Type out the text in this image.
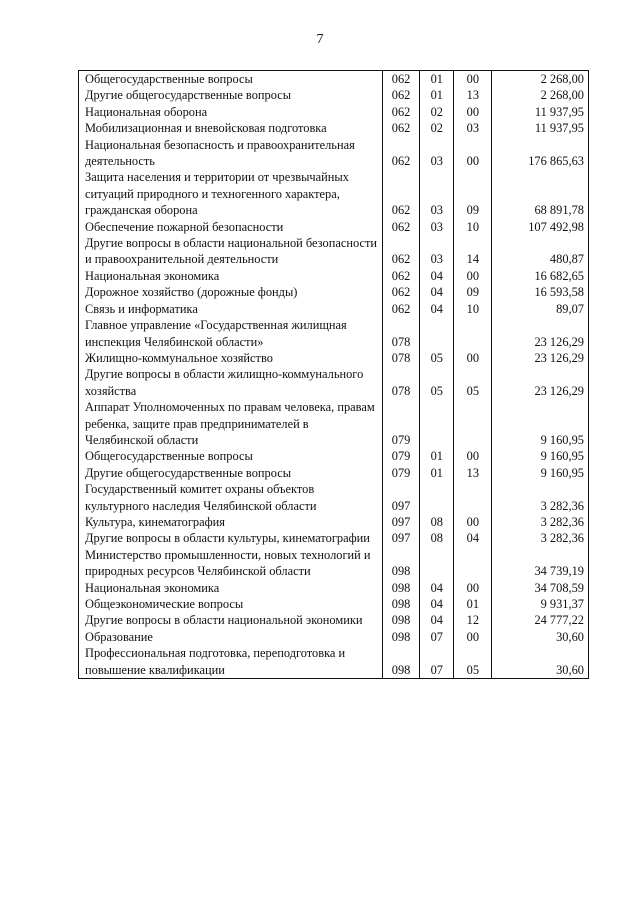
7
Общегосударственные вопросы	062	01	00	2 268,00
Другие общегосударственные вопросы	062	01	13	2 268,00
Национальная оборона	062	02	00	11 937,95
Мобилизационная и вневойсковая подготовка	062	02	03	11 937,95
Национальная безопасность и правоохранительная деятельность	062	03	00	176 865,63
Защита населения и территории от чрезвычайных ситуаций природного и техногенного характера, гражданская оборона	062	03	09	68 891,78
Обеспечение пожарной безопасности	062	03	10	107 492,98
Другие вопросы в области национальной безопасности и правоохранительной деятельности	062	03	14	480,87
Национальная экономика	062	04	00	16 682,65
Дорожное хозяйство (дорожные фонды)	062	04	09	16 593,58
Связь и информатика	062	04	10	89,07
Главное управление «Государственная жилищная инспекция Челябинской области»	078			23 126,29
Жилищно-коммунальное хозяйство	078	05	00	23 126,29
Другие вопросы в области жилищно-коммунального хозяйства	078	05	05	23 126,29
Аппарат Уполномоченных по правам человека, правам ребенка, защите прав предпринимателей в Челябинской области	079			9 160,95
Общегосударственные вопросы	079	01	00	9 160,95
Другие общегосударственные вопросы	079	01	13	9 160,95
Государственный комитет охраны объектов культурного наследия Челябинской области	097			3 282,36
Культура, кинематография	097	08	00	3 282,36
Другие вопросы в области культуры, кинематографии	097	08	04	3 282,36
Министерство промышленности, новых технологий и природных ресурсов Челябинской области	098			34 739,19
Национальная экономика	098	04	00	34 708,59
Общеэкономические вопросы	098	04	01	9 931,37
Другие вопросы в области национальной экономики	098	04	12	24 777,22
Образование	098	07	00	30,60
Профессиональная подготовка, переподготовка и повышение квалификации	098	07	05	30,60
